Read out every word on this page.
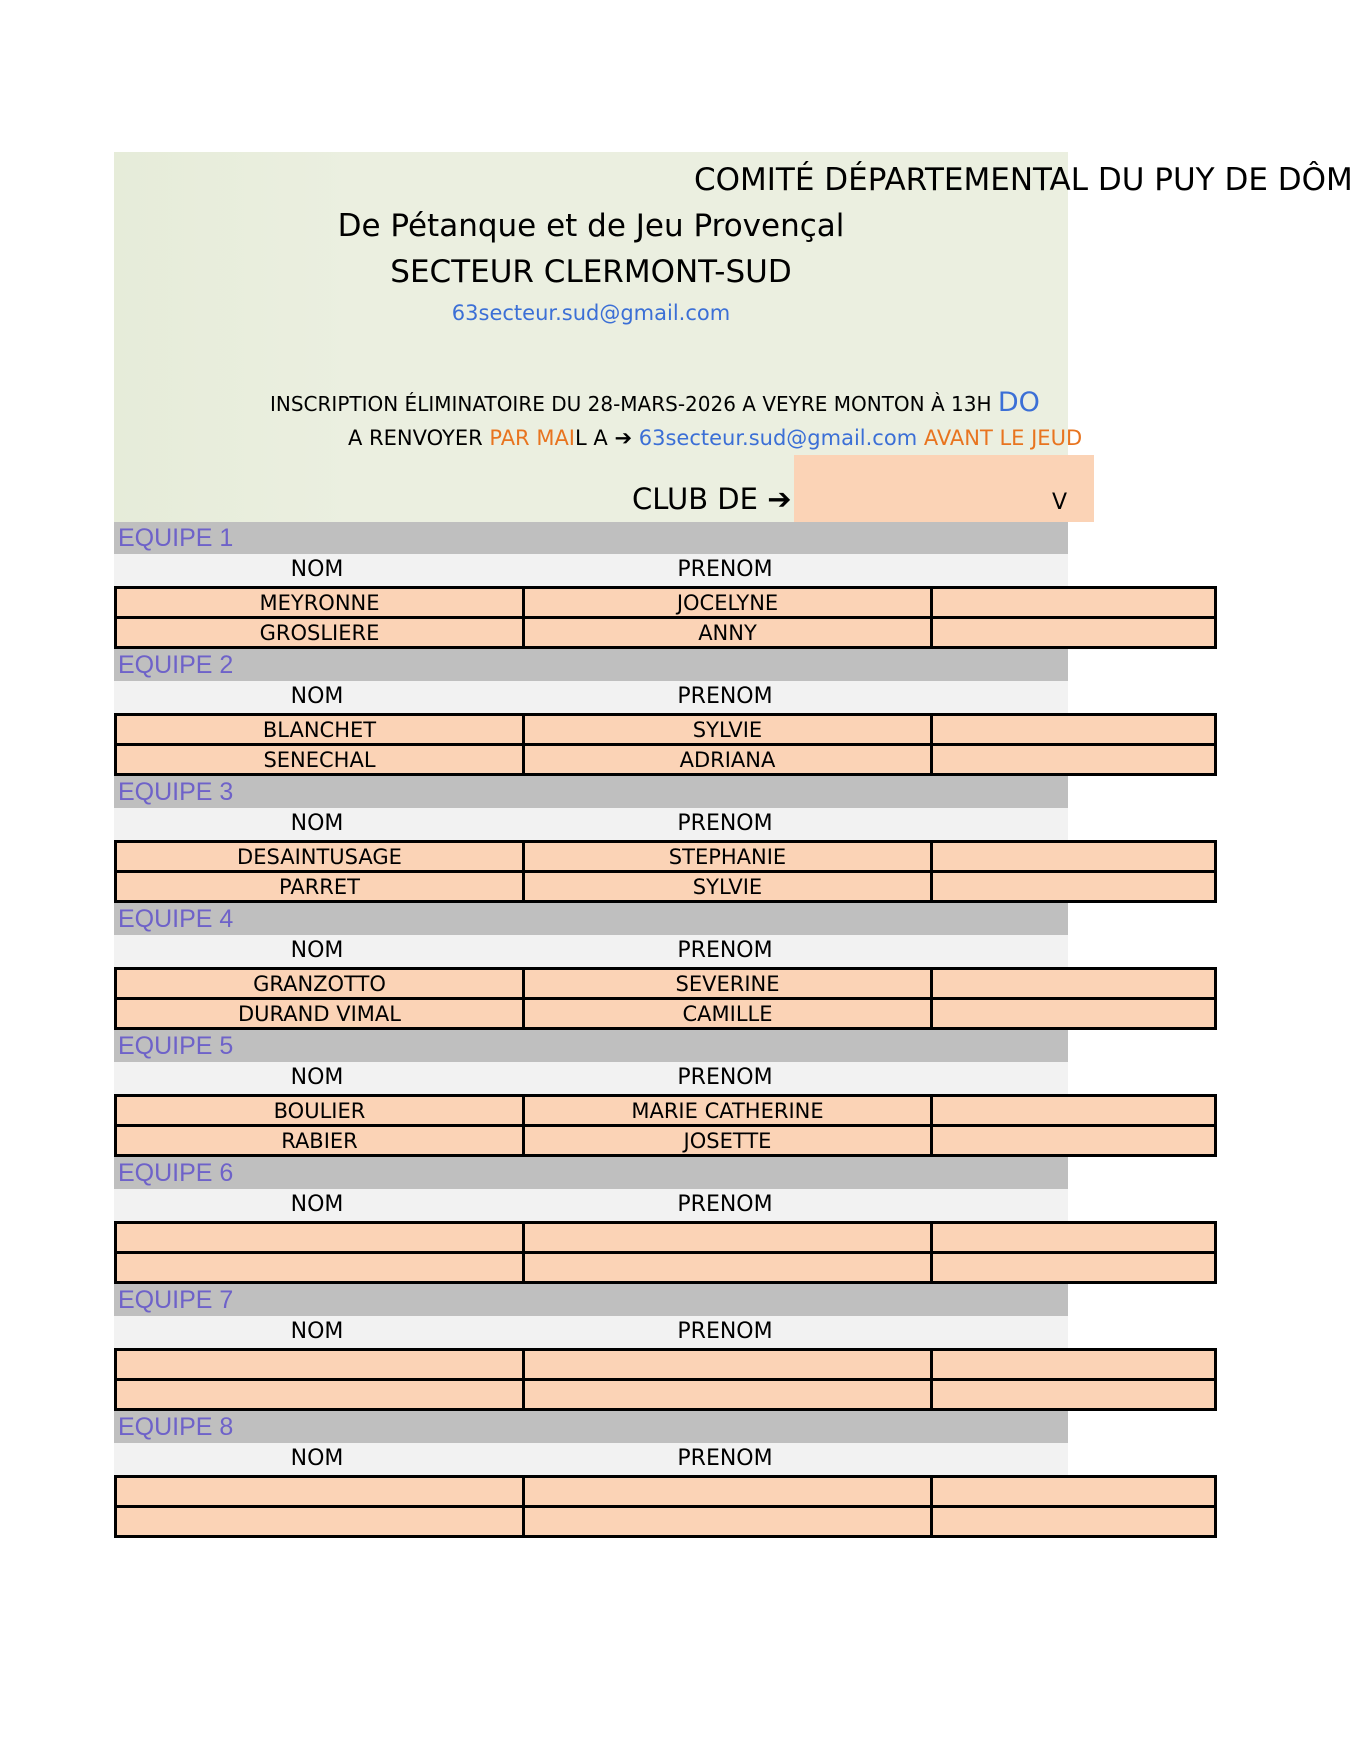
COMITÉ DÉPARTEMENTAL DU PUY DE DÔM
De Pétanque et de Jeu Provençal
SECTEUR CLERMONT-SUD
63secteur.sud@gmail.com
INSCRIPTION ÉLIMINATOIRE DU 28-MARS-2026 A VEYRE MONTON À 13H DO
A RENVOYER PAR MAIL A ➔ 63secteur.sud@gmail.com AVANT LE JEUD
CLUB DE ➔	V
EQUIPE 1
NOM	PRENOM
MEYRONNE	JOCELYNE	
GROSLIERE	ANNY	
EQUIPE 2
NOM	PRENOM
BLANCHET	SYLVIE	
SENECHAL	ADRIANA	
EQUIPE 3
NOM	PRENOM
DESAINTUSAGE	STEPHANIE	
PARRET	SYLVIE	
EQUIPE 4
NOM	PRENOM
GRANZOTTO	SEVERINE	
DURAND VIMAL	CAMILLE	
EQUIPE 5
NOM	PRENOM
BOULIER	MARIE CATHERINE	
RABIER	JOSETTE	
EQUIPE 6
NOM	PRENOM

EQUIPE 7
NOM	PRENOM

EQUIPE 8
NOM	PRENOM
